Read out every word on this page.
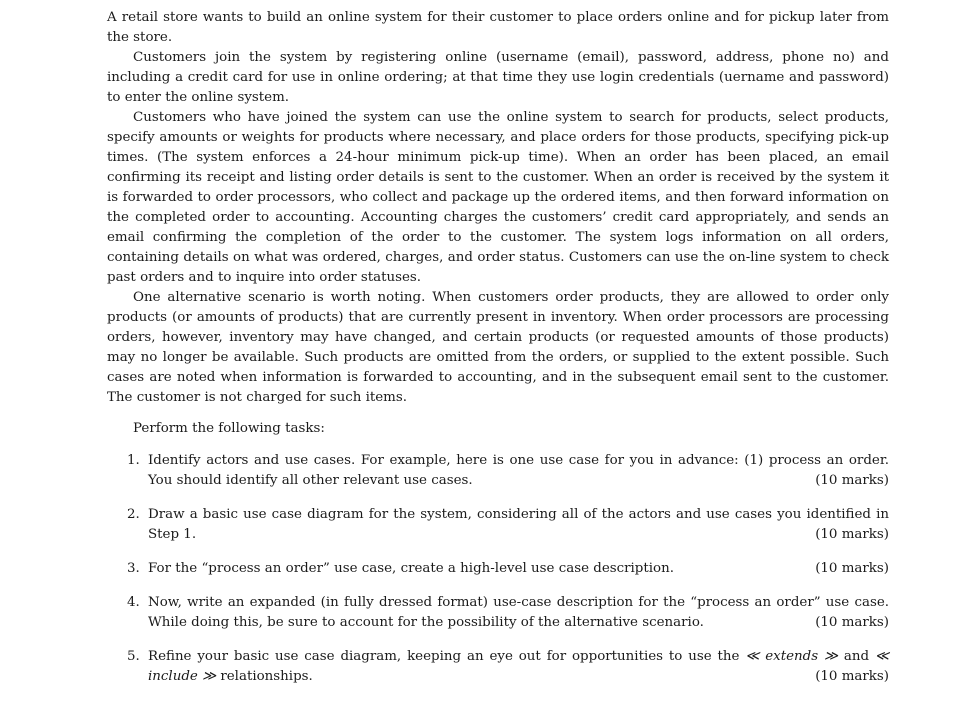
A retail store wants to build an online system for their customer to place orders online and for pickup later from the store.

Customers join the system by registering online (username (email), password, address, phone no) and including a credit card for use in online ordering; at that time they use login credentials (uername and password) to enter the online system.

Customers who have joined the system can use the online system to search for products, select products, specify amounts or weights for products where necessary, and place orders for those products, specifying pick-up times. (The system enforces a 24-hour minimum pick-up time). When an order has been placed, an email confirming its receipt and listing order details is sent to the customer. When an order is received by the system it is forwarded to order processors, who collect and package up the ordered items, and then forward information on the completed order to accounting. Accounting charges the customers’ credit card appropriately, and sends an email confirming the completion of the order to the customer. The system logs information on all orders, containing details on what was ordered, charges, and order status. Customers can use the on-line system to check past orders and to inquire into order statuses.

One alternative scenario is worth noting. When customers order products, they are allowed to order only products (or amounts of products) that are currently present in inventory. When order processors are processing orders, however, inventory may have changed, and certain products (or requested amounts of those products) may no longer be available. Such products are omitted from the orders, or supplied to the extent possible. Such cases are noted when information is forwarded to accounting, and in the subsequent email sent to the customer. The customer is not charged for such items.

Perform the following tasks:

1. Identify actors and use cases. For example, here is one use case for you in advance: (1) process an order. You should identify all other relevant use cases.	(10 marks)
2. Draw a basic use case diagram for the system, considering all of the actors and use cases you identified in Step 1.	(10 marks)
3. For the “process an order” use case, create a high-level use case description.	(10 marks)
4. Now, write an expanded (in fully dressed format) use-case description for the “process an order” use case. While doing this, be sure to account for the possibility of the alternative scenario.	(10 marks)
5. Refine your basic use case diagram, keeping an eye out for opportunities to use the ≪ extends ≫ and ≪ include ≫ relationships.	(10 marks)
